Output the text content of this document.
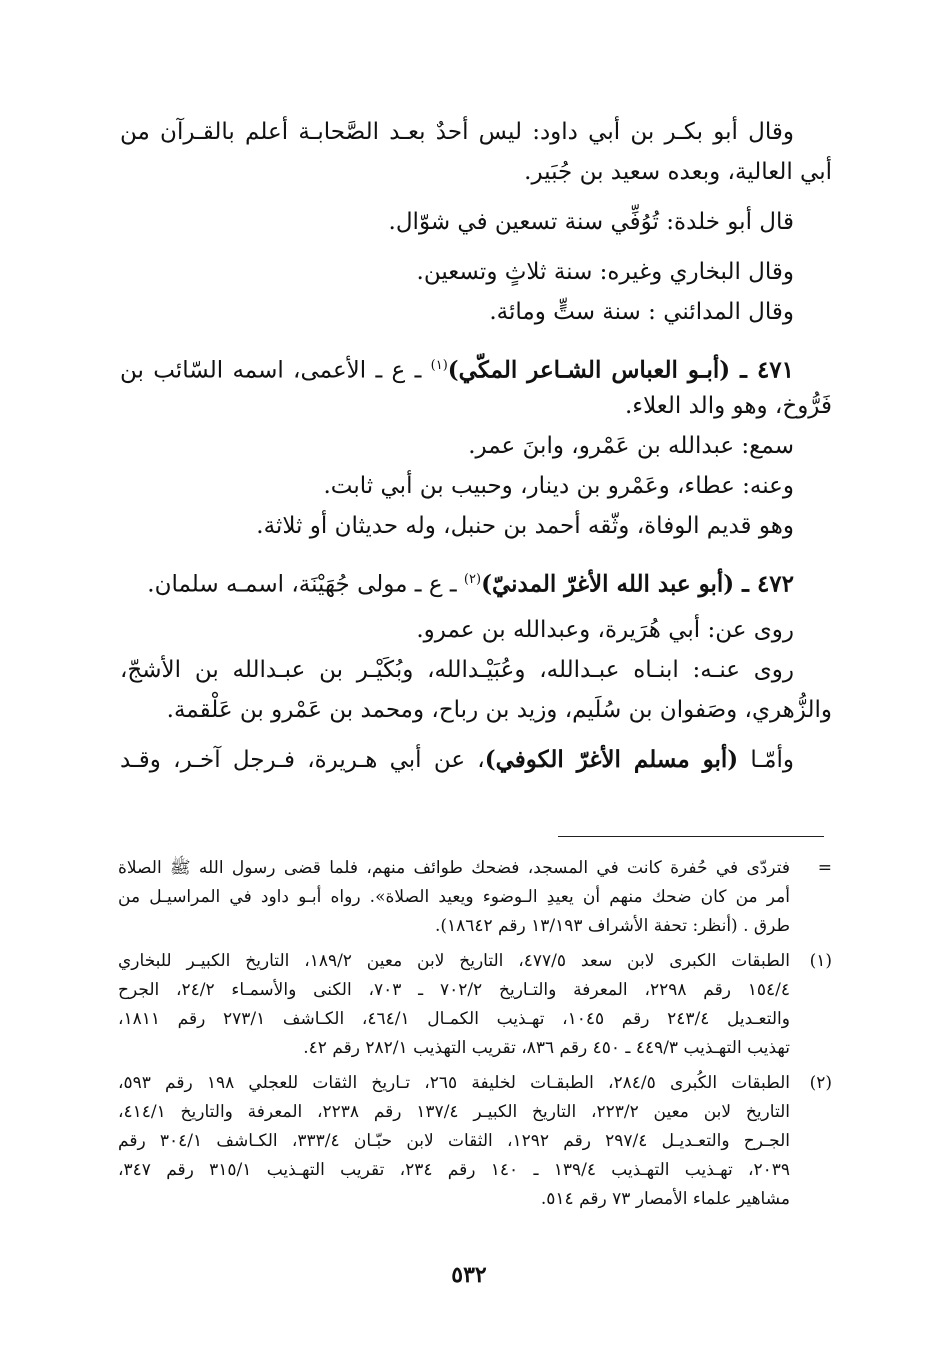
وقال أبو بكـر بن أبي داود: ليس أحدٌ بعـد الصَّحابـة أعلم بالقـرآن من
أبي العالية، وبعده سعيد بن جُبَير.
قال أبو خلدة: تُوُفِّي سنة تسعين في شوّال.
وقال البخاري وغيره: سنة ثلاثٍ وتسعين.
وقال المدائني : سنة ستٍّ ومائة.
٤٧١ ـ (أبـو العباس الشـاعر المكّي)$^{(١)}$ ـ ع ـ الأعمى، اسمه السّائب بن
فَرُّوخ، وهو والد العلاء.
سمع: عبدالله بن عَمْرو، وابنَ عمر.
وعنه: عطاء، وعَمْرو بن دينار، وحبيب بن أبي ثابت.
وهو قديم الوفاة، وثّقه أحمد بن حنبل، وله حديثان أو ثلاثة.
٤٧٢ ـ (أبو عبد الله الأغرّ المدنيّ)$^{(٢)}$ ـ ع ـ مولى جُهَيْنَة، اسمـه سلمان.
روى عن: أبي هُرَيرة، وعبدالله بن عمرو.
روى عنـه: ابنـاه عبـدالله، وعُبَيْـدالله، وبُكَيْـر بن عبـدالله بن الأشجّ،
والزُّهري، وصَفوان بن سُلَيم، وزيد بن رباح، ومحمد بن عَمْرو بن عَلْقمة.
وأمّـا (أبو مسلم الأغرّ الكوفي)، عن أبي هـريرة، فـرجل آخـر، وقـد
=
فتردّى في حُفرة كانت في المسجد، فضحك طوائف منهم، فلما قضى رسول الله ﷺ الصلاة
أمر من كان ضحك منهم أن يعيدِ الـوضوء ويعيد الصلاة». رواه أبـو داود في المراسيـل من
طرق . (أنظر: تحفة الأشراف ١٣/١٩٣ رقم ١٨٦٤٢).
(١)
الطبقات الكبرى لابن سعد ٤٧٧/٥، التاريخ لابن معين ١٨٩/٢، التاريخ الكبيـر للبخاري
١٥٤/٤ رقم ٢٢٩٨، المعرفة والتـاريخ ٧٠٢/٢ ـ ٧٠٣، الكنى والأسمـاء ٢٤/٢، الجرح
والتعـديل ٢٤٣/٤ رقم ١٠٤٥، تهـذيب الكمـال ٤٦٤/١، الكـاشف ٢٧٣/١ رقم ١٨١١،
تهذيب التهـذيب ٤٤٩/٣ ـ ٤٥٠ رقم ٨٣٦، تقريب التهذيب ٢٨٢/١ رقم ٤٢.
(٢)
الطبقات الكُبرى ٢٨٤/٥، الطبقـات لخليفة ٢٦٥، تـاريخ الثقات للعجلي ١٩٨ رقم ٥٩٣،
التاريخ لابن معين ٢٢٣/٢، التاريخ الكبيـر ١٣٧/٤ رقم ٢٢٣٨، المعرفة والتاريخ ٤١٤/١،
الجـرح والتعـديـل ٢٩٧/٤ رقم ١٢٩٢، الثقات لابن حبّـان ٣٣٣/٤، الكـاشف ٣٠٤/١ رقم
٢٠٣٩، تهـذيب التهـذيب ١٣٩/٤ ـ ١٤٠ رقم ٢٣٤، تقريب التهـذيب ٣١٥/١ رقم ٣٤٧،
مشاهير علماء الأمصار ٧٣ رقم ٥١٤.
٥٣٢
